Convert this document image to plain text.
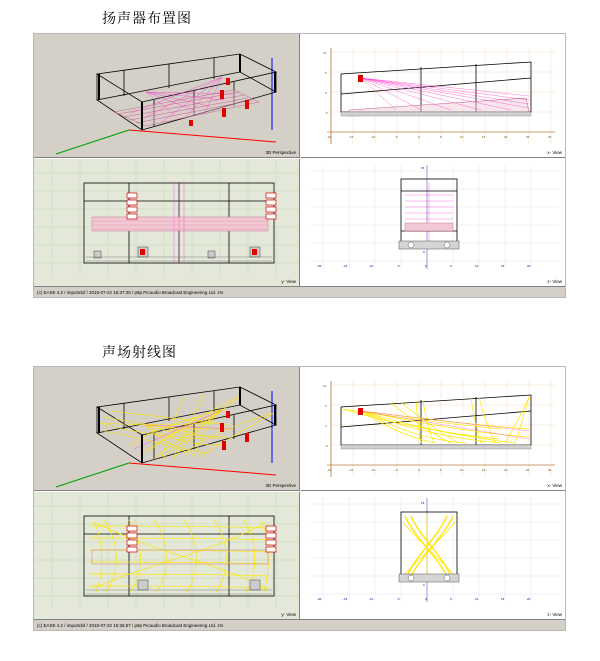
扬声器布置图
3D Perspective
10
5
0
-5
-20	-15	-10	-5	0	5	10	15	20	25	30
x- View
y- View
-20	-15	-10	-5	0	5	10	15	20
15
0
z- View
(c) EASE 4.2 / importdxf / 2015-07-22 15:37:25 / p8p Picaudio Broadcast Engineering Ltd. zm
声场射线图
3D Perspective
10
5
0
-5
-20	-15	-10	-5	0	5	10	15	20	25	30
x- View
y- View
-20	-15	-10	-5	0	5	10	15	20
15
0
z- View
(c) EASE 4.2 / importdxf / 2015-07-22 15:36:57 / p8p Picaudio Broadcast Engineering Ltd. zm
